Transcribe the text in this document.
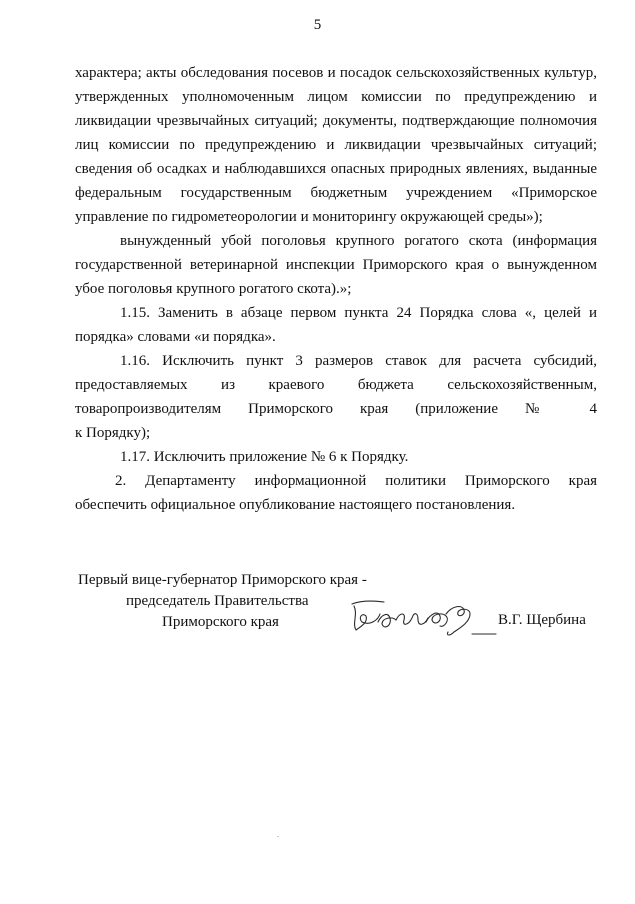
5

характера; акты обследования посевов и посадок сельскохозяйственных культур,
утвержденных уполномоченным лицом комиссии по предупреждению и
ликвидации чрезвычайных ситуаций; документы, подтверждающие полномочия
лиц комиссии по предупреждению и ликвидации чрезвычайных ситуаций;
сведения об осадках и наблюдавшихся опасных природных явлениях, выданные
федеральным государственным бюджетным учреждением «Приморское
управление по гидрометеорологии и мониторингу окружающей среды»);

вынужденный убой поголовья крупного рогатого скота (информация
государственной ветеринарной инспекции Приморского края о вынужденном
убое поголовья крупного рогатого скота).»;

1.15. Заменить в абзаце первом пункта 24 Порядка слова «, целей и
порядка» словами «и порядка».

1.16. Исключить пункт 3 размеров ставок для расчета субсидий,
предоставляемых из краевого бюджета сельскохозяйственным,
товаропроизводителям Приморского края (приложение № 4
к Порядку);

1.17. Исключить приложение № 6 к Порядку.

2. Департаменту информационной политики Приморского края
обеспечить официальное опубликование настоящего постановления.

Первый вице-губернатор Приморского края -
председатель Правительства
Приморского края	В.Г. Щербина
.
